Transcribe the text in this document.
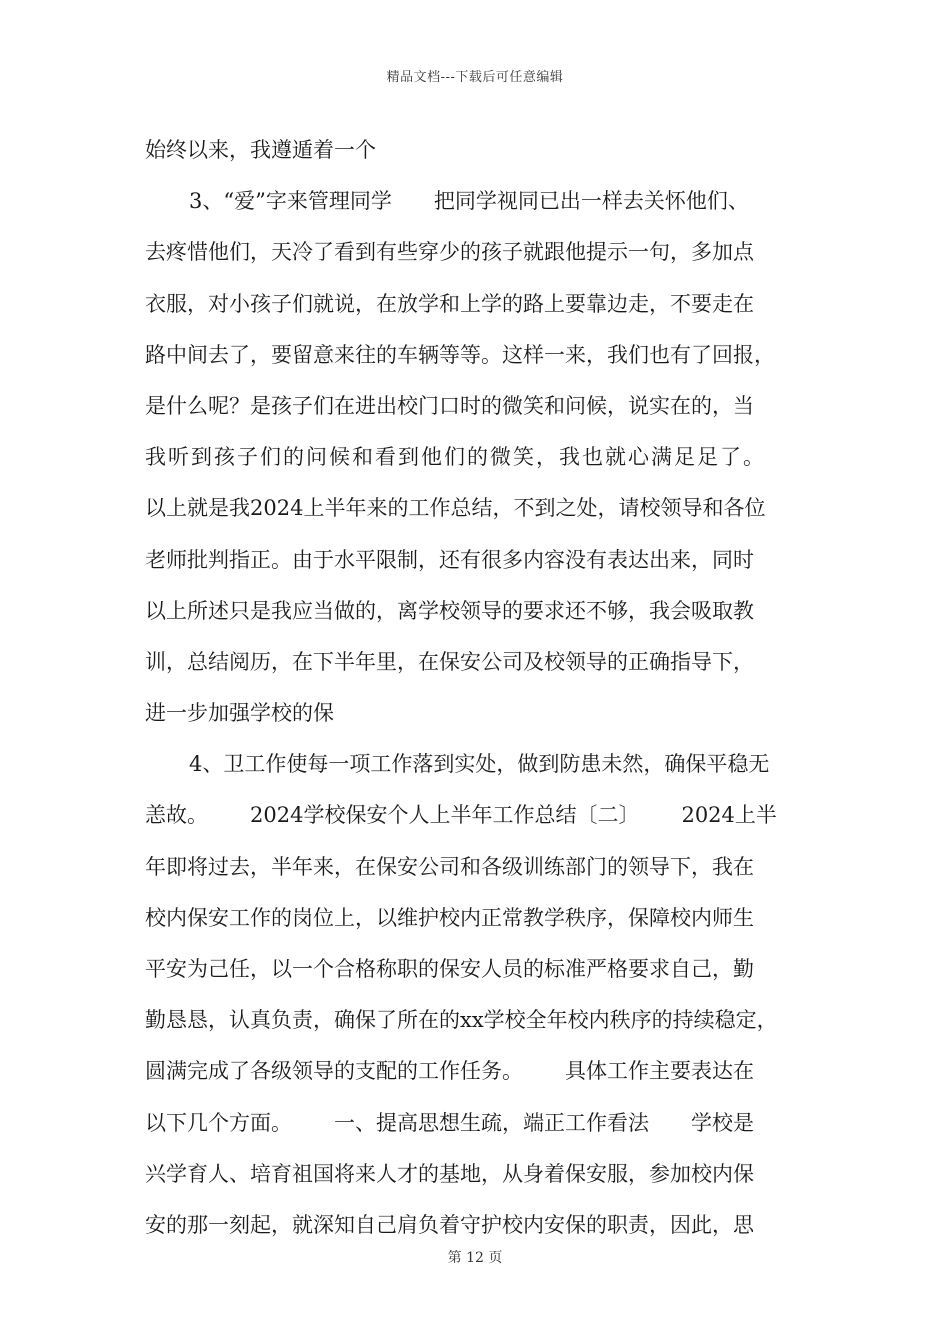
精品文档---下载后可任意编辑
始终以来，我遵遁着一个
3、“爱”字来管理同学 把同学视同已出一样去关怀他们、
去疼惜他们，天冷了看到有些穿少的孩子就跟他提示一句，多加点
衣服，对小孩子们就说，在放学和上学的路上要靠边走，不要走在
路中间去了，要留意来往的车辆等等。这样一来，我们也有了回报，
是什么呢？是孩子们在进出校门口时的微笑和问候，说实在的，当
我听到孩子们的问候和看到他们的微笑，我也就心满足足了。
以上就是我2024上半年来的工作总结，不到之处，请校领导和各位
老师批判指正。由于水平限制，还有很多内容没有表达出来，同时
以上所述只是我应当做的，离学校领导的要求还不够，我会吸取教
训，总结阅历，在下半年里，在保安公司及校领导的正确指导下，
进一步加强学校的保
4、卫工作使每一项工作落到实处，做到防患未然，确保平稳无
恙故。 2024学校保安个人上半年工作总结〔二〕 2024上半
年即将过去，半年来，在保安公司和各级训练部门的领导下，我在
校内保安工作的岗位上，以维护校内正常教学秩序，保障校内师生
平安为己任，以一个合格称职的保安人员的标准严格要求自己，勤
勤恳恳，认真负责，确保了所在的xx学校全年校内秩序的持续稳定，
圆满完成了各级领导的支配的工作任务。 具体工作主要表达在
以下几个方面。 一、提高思想生疏，端正工作看法 学校是
兴学育人、培育祖国将来人才的基地，从身着保安服，参加校内保
安的那一刻起，就深知自己肩负着守护校内安保的职责，因此，思
第 12 页
